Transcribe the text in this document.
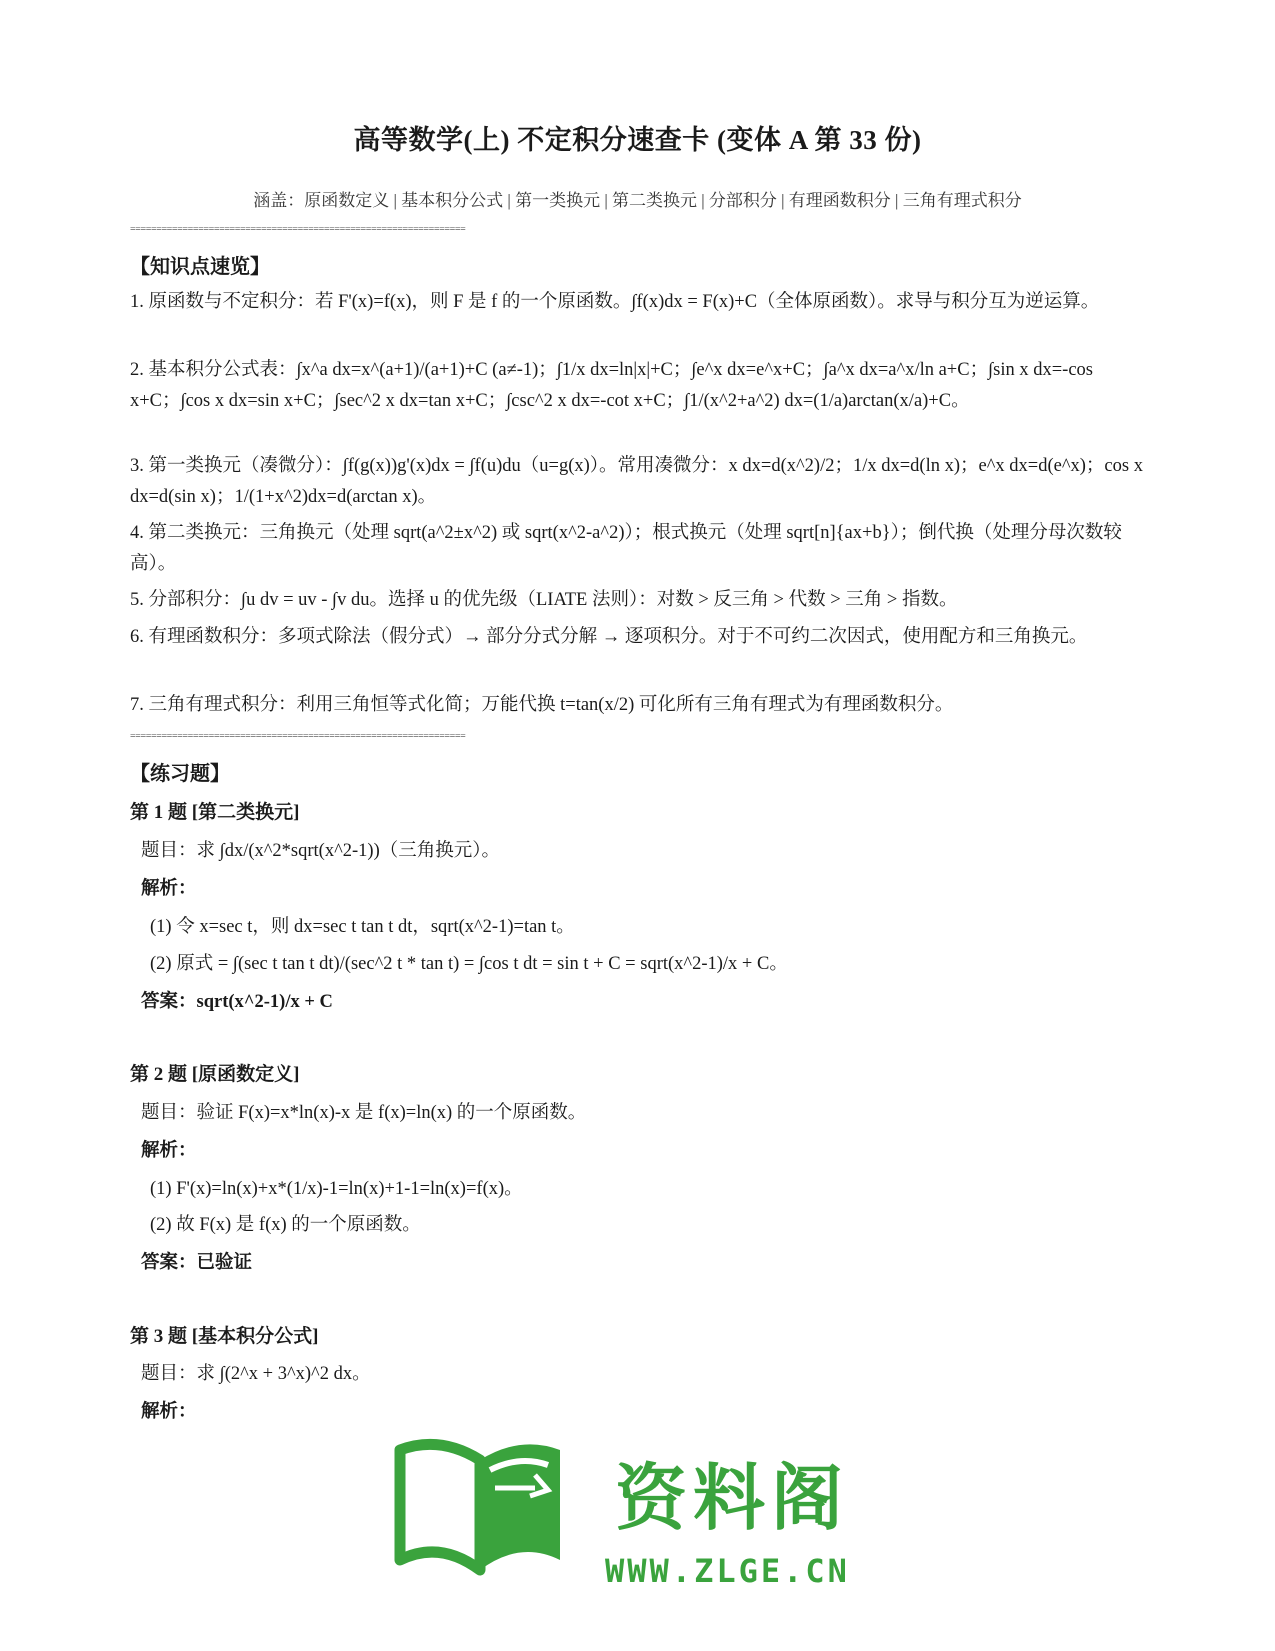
高等数学(上) 不定积分速查卡 (变体 A 第 33 份)
涵盖：原函数定义 | 基本积分公式 | 第一类换元 | 第二类换元 | 分部积分 | 有理函数积分 | 三角有理式积分
================================================================
【知识点速览】
1. 原函数与不定积分：若 F'(x)=f(x)，则 F 是 f 的一个原函数。∫f(x)dx = F(x)+C（全体原函数）。求导与积分互为逆运算。
2. 基本积分公式表：∫x^a dx=x^(a+1)/(a+1)+C (a≠-1)；∫1/x dx=ln|x|+C；∫e^x dx=e^x+C；∫a^x dx=a^x/ln a+C；∫sin x dx=-cos x+C；∫cos x dx=sin x+C；∫sec^2 x dx=tan x+C；∫csc^2 x dx=-cot x+C；∫1/(x^2+a^2) dx=(1/a)arctan(x/a)+C。
3. 第一类换元（凑微分）：∫f(g(x))g'(x)dx = ∫f(u)du（u=g(x)）。常用凑微分：x dx=d(x^2)/2；1/x dx=d(ln x)；e^x dx=d(e^x)；cos x dx=d(sin x)；1/(1+x^2)dx=d(arctan x)。
4. 第二类换元：三角换元（处理 sqrt(a^2±x^2) 或 sqrt(x^2-a^2)）；根式换元（处理 sqrt[n]{ax+b}）；倒代换（处理分母次数较高）。
5. 分部积分：∫u dv = uv - ∫v du。选择 u 的优先级（LIATE 法则）：对数 > 反三角 > 代数 > 三角 > 指数。
6. 有理函数积分：多项式除法（假分式）→ 部分分式分解 → 逐项积分。对于不可约二次因式，使用配方和三角换元。
7. 三角有理式积分：利用三角恒等式化简；万能代换 t=tan(x/2) 可化所有三角有理式为有理函数积分。
================================================================
【练习题】
第 1 题 [第二类换元]
题目：求 ∫dx/(x^2*sqrt(x^2-1))（三角换元）。
解析：
(1) 令 x=sec t，则 dx=sec t tan t dt，sqrt(x^2-1)=tan t。
(2) 原式 = ∫(sec t tan t dt)/(sec^2 t * tan t) = ∫cos t dt = sin t + C = sqrt(x^2-1)/x + C。
答案：sqrt(x^2-1)/x + C
第 2 题 [原函数定义]
题目：验证 F(x)=x*ln(x)-x 是 f(x)=ln(x) 的一个原函数。
解析：
(1) F'(x)=ln(x)+x*(1/x)-1=ln(x)+1-1=ln(x)=f(x)。
(2) 故 F(x) 是 f(x) 的一个原函数。
答案：已验证
第 3 题 [基本积分公式]
题目：求 ∫(2^x + 3^x)^2 dx。
解析：
资料阁
WWW.ZLGE.CN
